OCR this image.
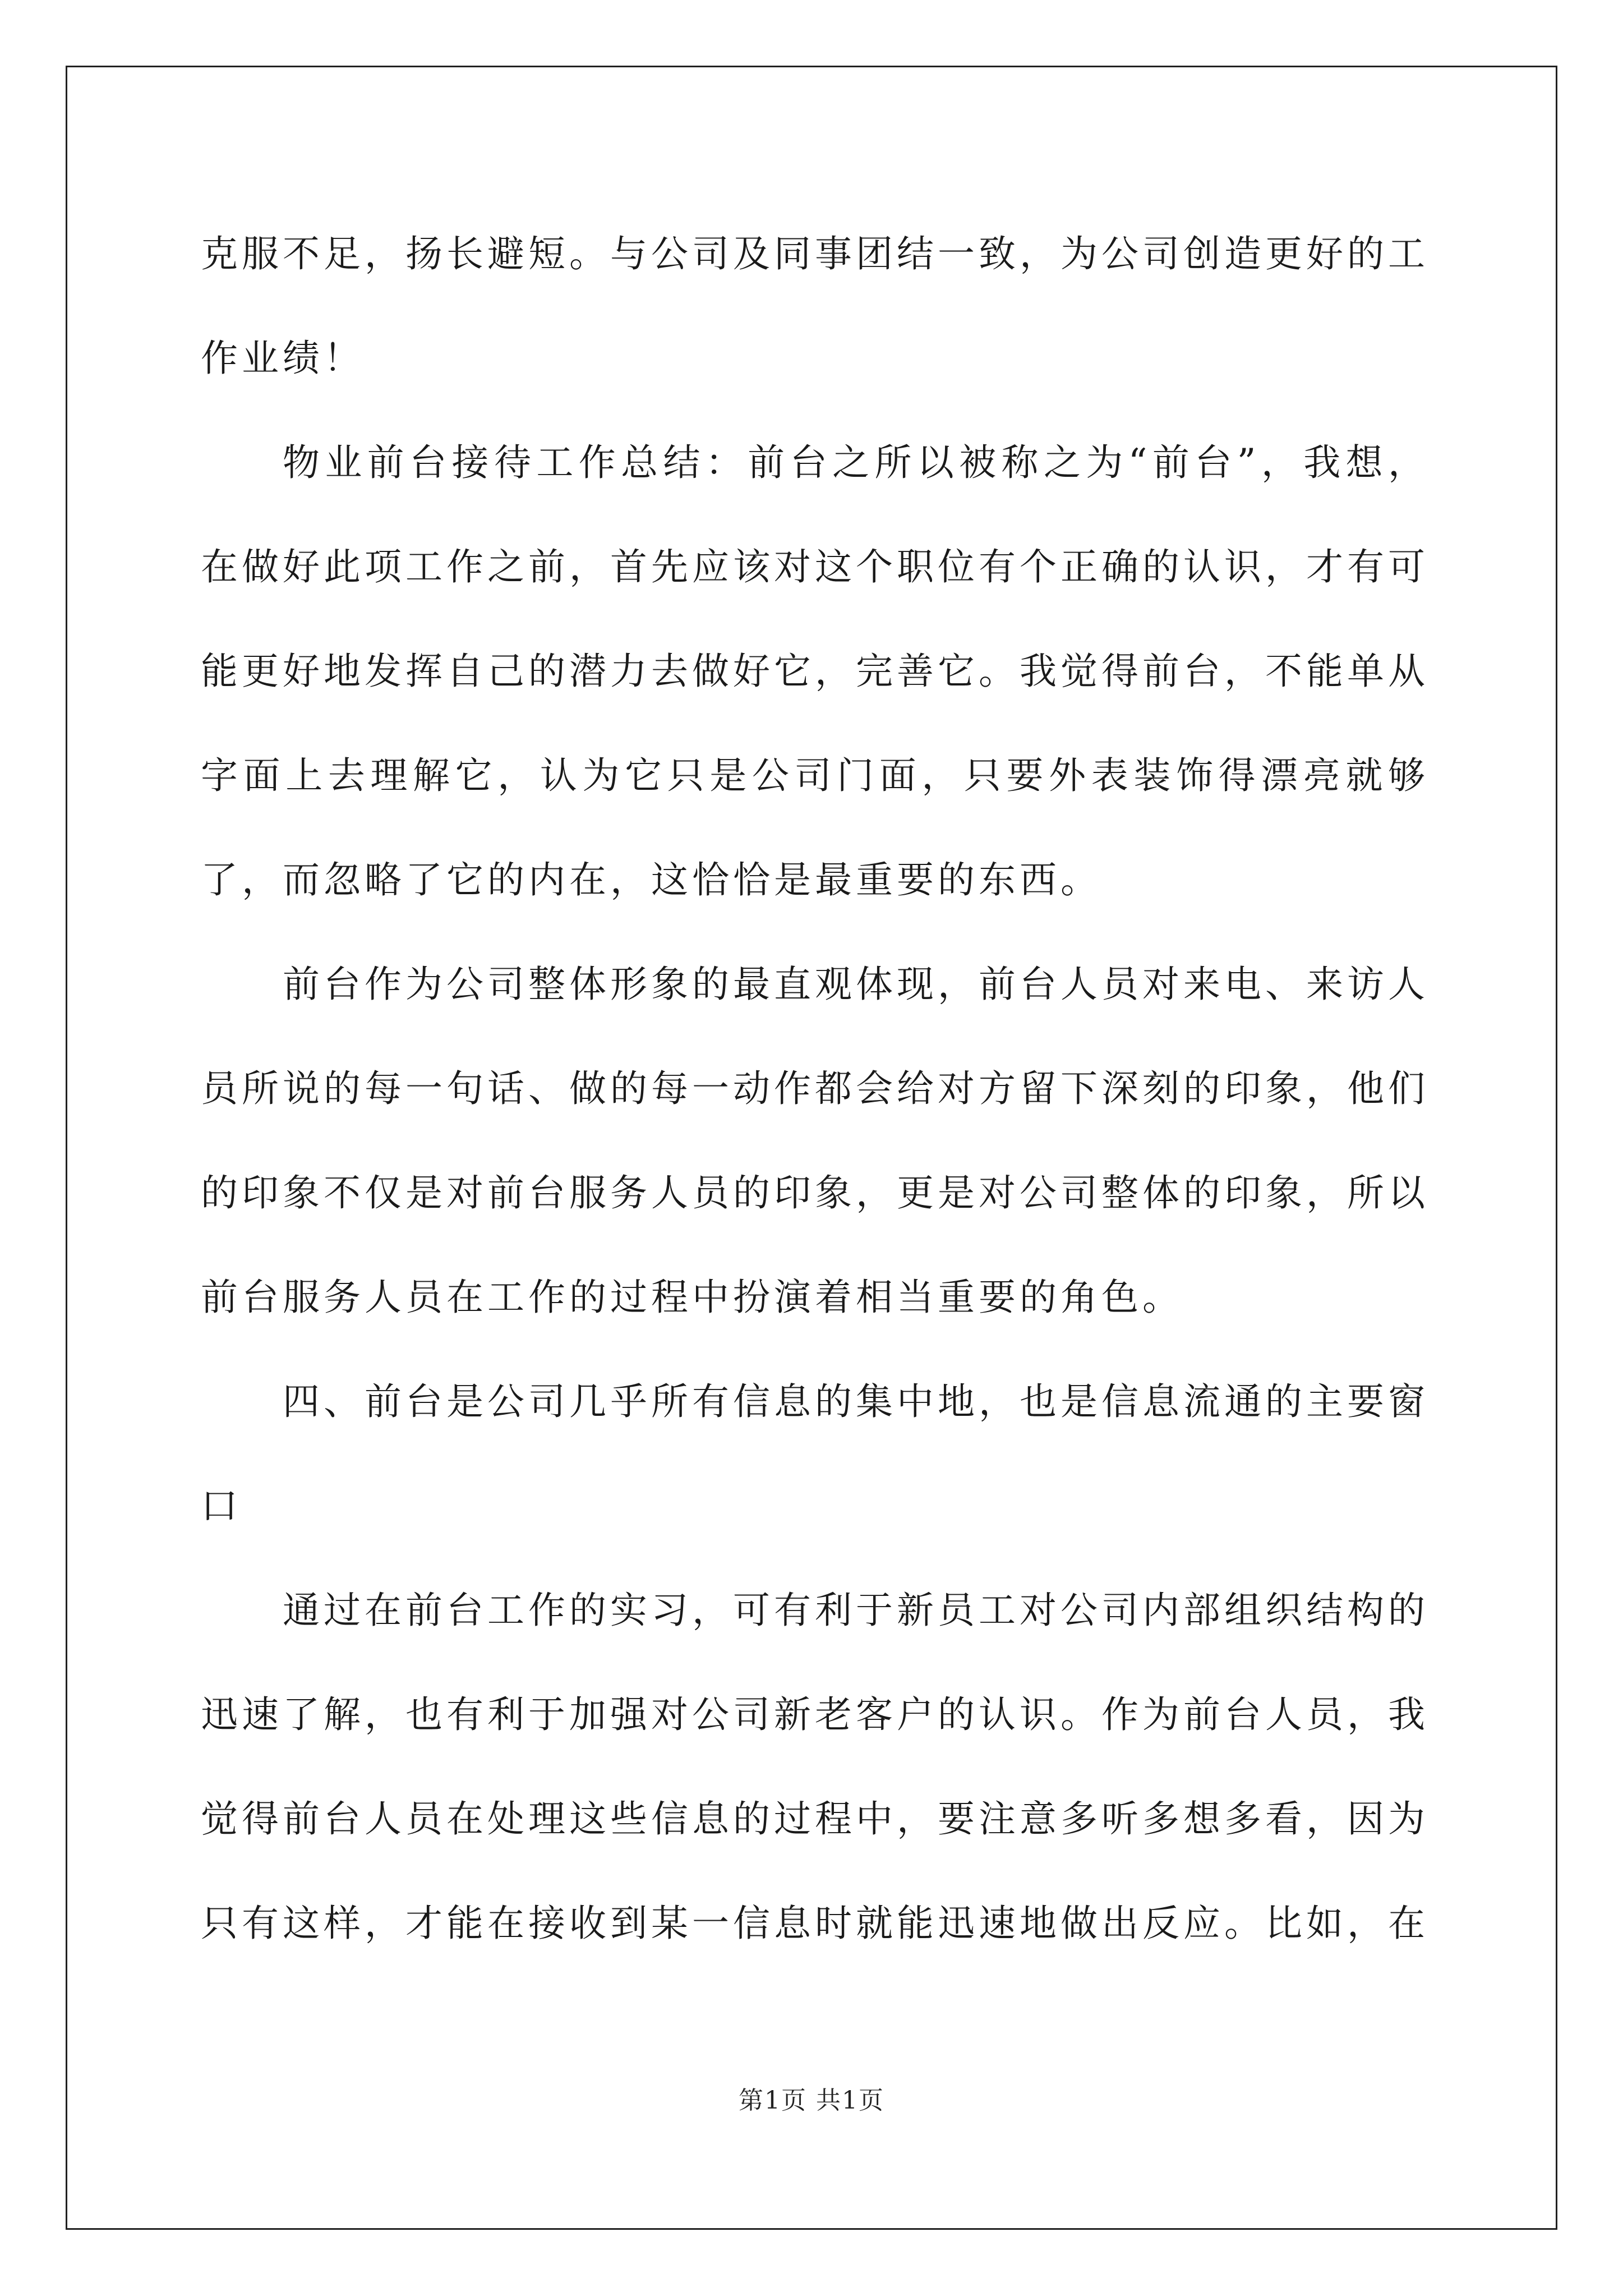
克服不足，扬长避短。与公司及同事团结一致，为公司创造更好的工作业绩！

物业前台接待工作总结：前台之所以被称之为“前台”，我想，在做好此项工作之前，首先应该对这个职位有个正确的认识，才有可能更好地发挥自己的潜力去做好它，完善它。我觉得前台，不能单从字面上去理解它，认为它只是公司门面，只要外表装饰得漂亮就够了，而忽略了它的内在，这恰恰是最重要的东西。

前台作为公司整体形象的最直观体现，前台人员对来电、来访人员所说的每一句话、做的每一动作都会给对方留下深刻的印象，他们的印象不仅是对前台服务人员的印象，更是对公司整体的印象，所以前台服务人员在工作的过程中扮演着相当重要的角色。

四、前台是公司几乎所有信息的集中地，也是信息流通的主要窗口

通过在前台工作的实习，可有利于新员工对公司内部组织结构的迅速了解，也有利于加强对公司新老客户的认识。作为前台人员，我觉得前台人员在处理这些信息的过程中，要注意多听多想多看，因为只有这样，才能在接收到某一信息时就能迅速地做出反应。比如，在

第1页 共1页
